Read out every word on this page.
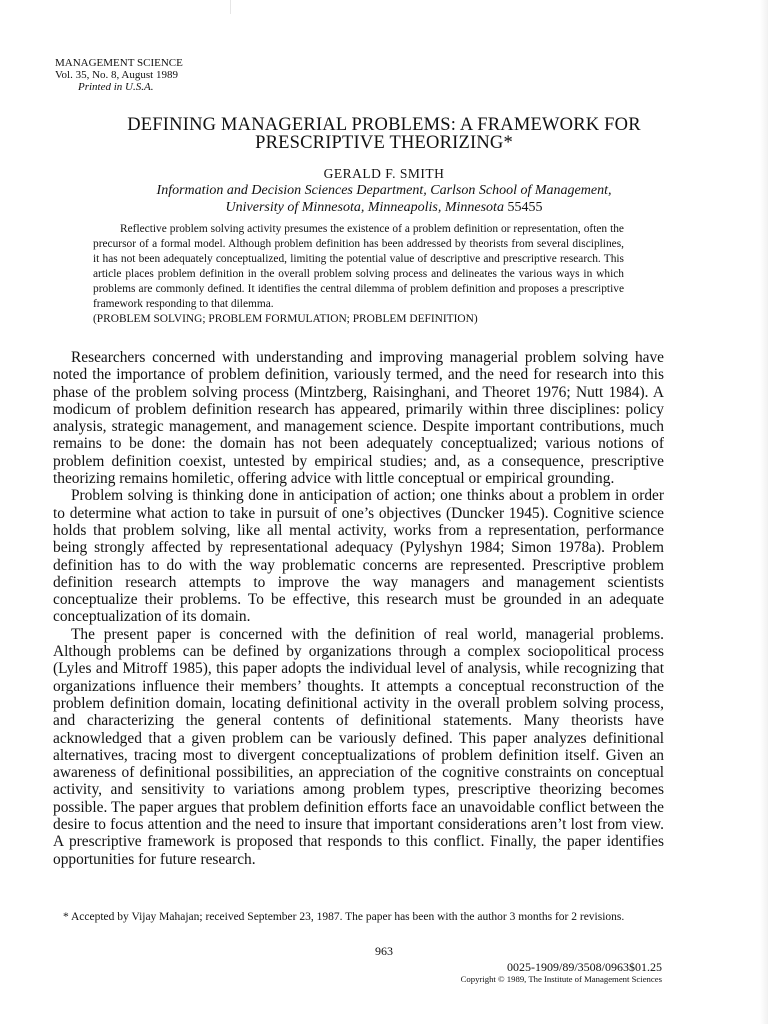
MANAGEMENT SCIENCE
Vol. 35, No. 8, August 1989
Printed in U.S.A.
DEFINING MANAGERIAL PROBLEMS: A FRAMEWORK FOR
PRESCRIPTIVE THEORIZING*
GERALD F. SMITH
Information and Decision Sciences Department, Carlson School of Management,
University of Minnesota, Minneapolis, Minnesota 55455

Reflective problem solving activity presumes the existence of a problem definition or representation, often the precursor of a formal model. Although problem definition has been addressed by theorists from several disciplines, it has not been adequately conceptualized, limiting the potential value of descriptive and prescriptive research. This article places problem definition in the overall problem solving process and delineates the various ways in which problems are commonly defined. It identifies the central dilemma of problem definition and proposes a prescriptive framework responding to that dilemma.

(PROBLEM SOLVING; PROBLEM FORMULATION; PROBLEM DEFINITION)

Researchers concerned with understanding and improving managerial problem solving have noted the importance of problem definition, variously termed, and the need for research into this phase of the problem solving process (Mintzberg, Raisinghani, and Theoret 1976; Nutt 1984). A modicum of problem definition research has appeared, primarily within three disciplines: policy analysis, strategic management, and management science. Despite important contributions, much remains to be done: the domain has not been adequately conceptualized; various notions of problem definition coexist, untested by empirical studies; and, as a consequence, prescriptive theorizing remains homiletic, offering advice with little conceptual or empirical grounding.

Problem solving is thinking done in anticipation of action; one thinks about a problem in order to determine what action to take in pursuit of one’s objectives (Duncker 1945). Cognitive science holds that problem solving, like all mental activity, works from a representation, performance being strongly affected by representational adequacy (Pylyshyn 1984; Simon 1978a). Problem definition has to do with the way problematic concerns are represented. Prescriptive problem definition research attempts to improve the way managers and management scientists conceptualize their problems. To be effective, this research must be grounded in an adequate conceptualization of its domain.

The present paper is concerned with the definition of real world, managerial problems. Although problems can be defined by organizations through a complex sociopolitical process (Lyles and Mitroff 1985), this paper adopts the individual level of analysis, while recognizing that organizations influence their members’ thoughts. It attempts a conceptual reconstruction of the problem definition domain, locating definitional activity in the overall problem solving process, and characterizing the general contents of definitional statements. Many theorists have acknowledged that a given problem can be variously defined. This paper analyzes definitional alternatives, tracing most to divergent conceptualizations of problem definition itself. Given an awareness of definitional possibilities, an appreciation of the cognitive constraints on conceptual activity, and sensitivity to variations among problem types, prescriptive theorizing becomes possible. The paper argues that problem definition efforts face an unavoidable conflict between the desire to focus attention and the need to insure that important considerations aren’t lost from view. A prescriptive framework is proposed that responds to this conflict. Finally, the paper identifies opportunities for future research.

* Accepted by Vijay Mahajan; received September 23, 1987. The paper has been with the author 3 months for 2 revisions.
963
0025-1909/89/3508/0963$01.25
Copyright © 1989, The Institute of Management Sciences
